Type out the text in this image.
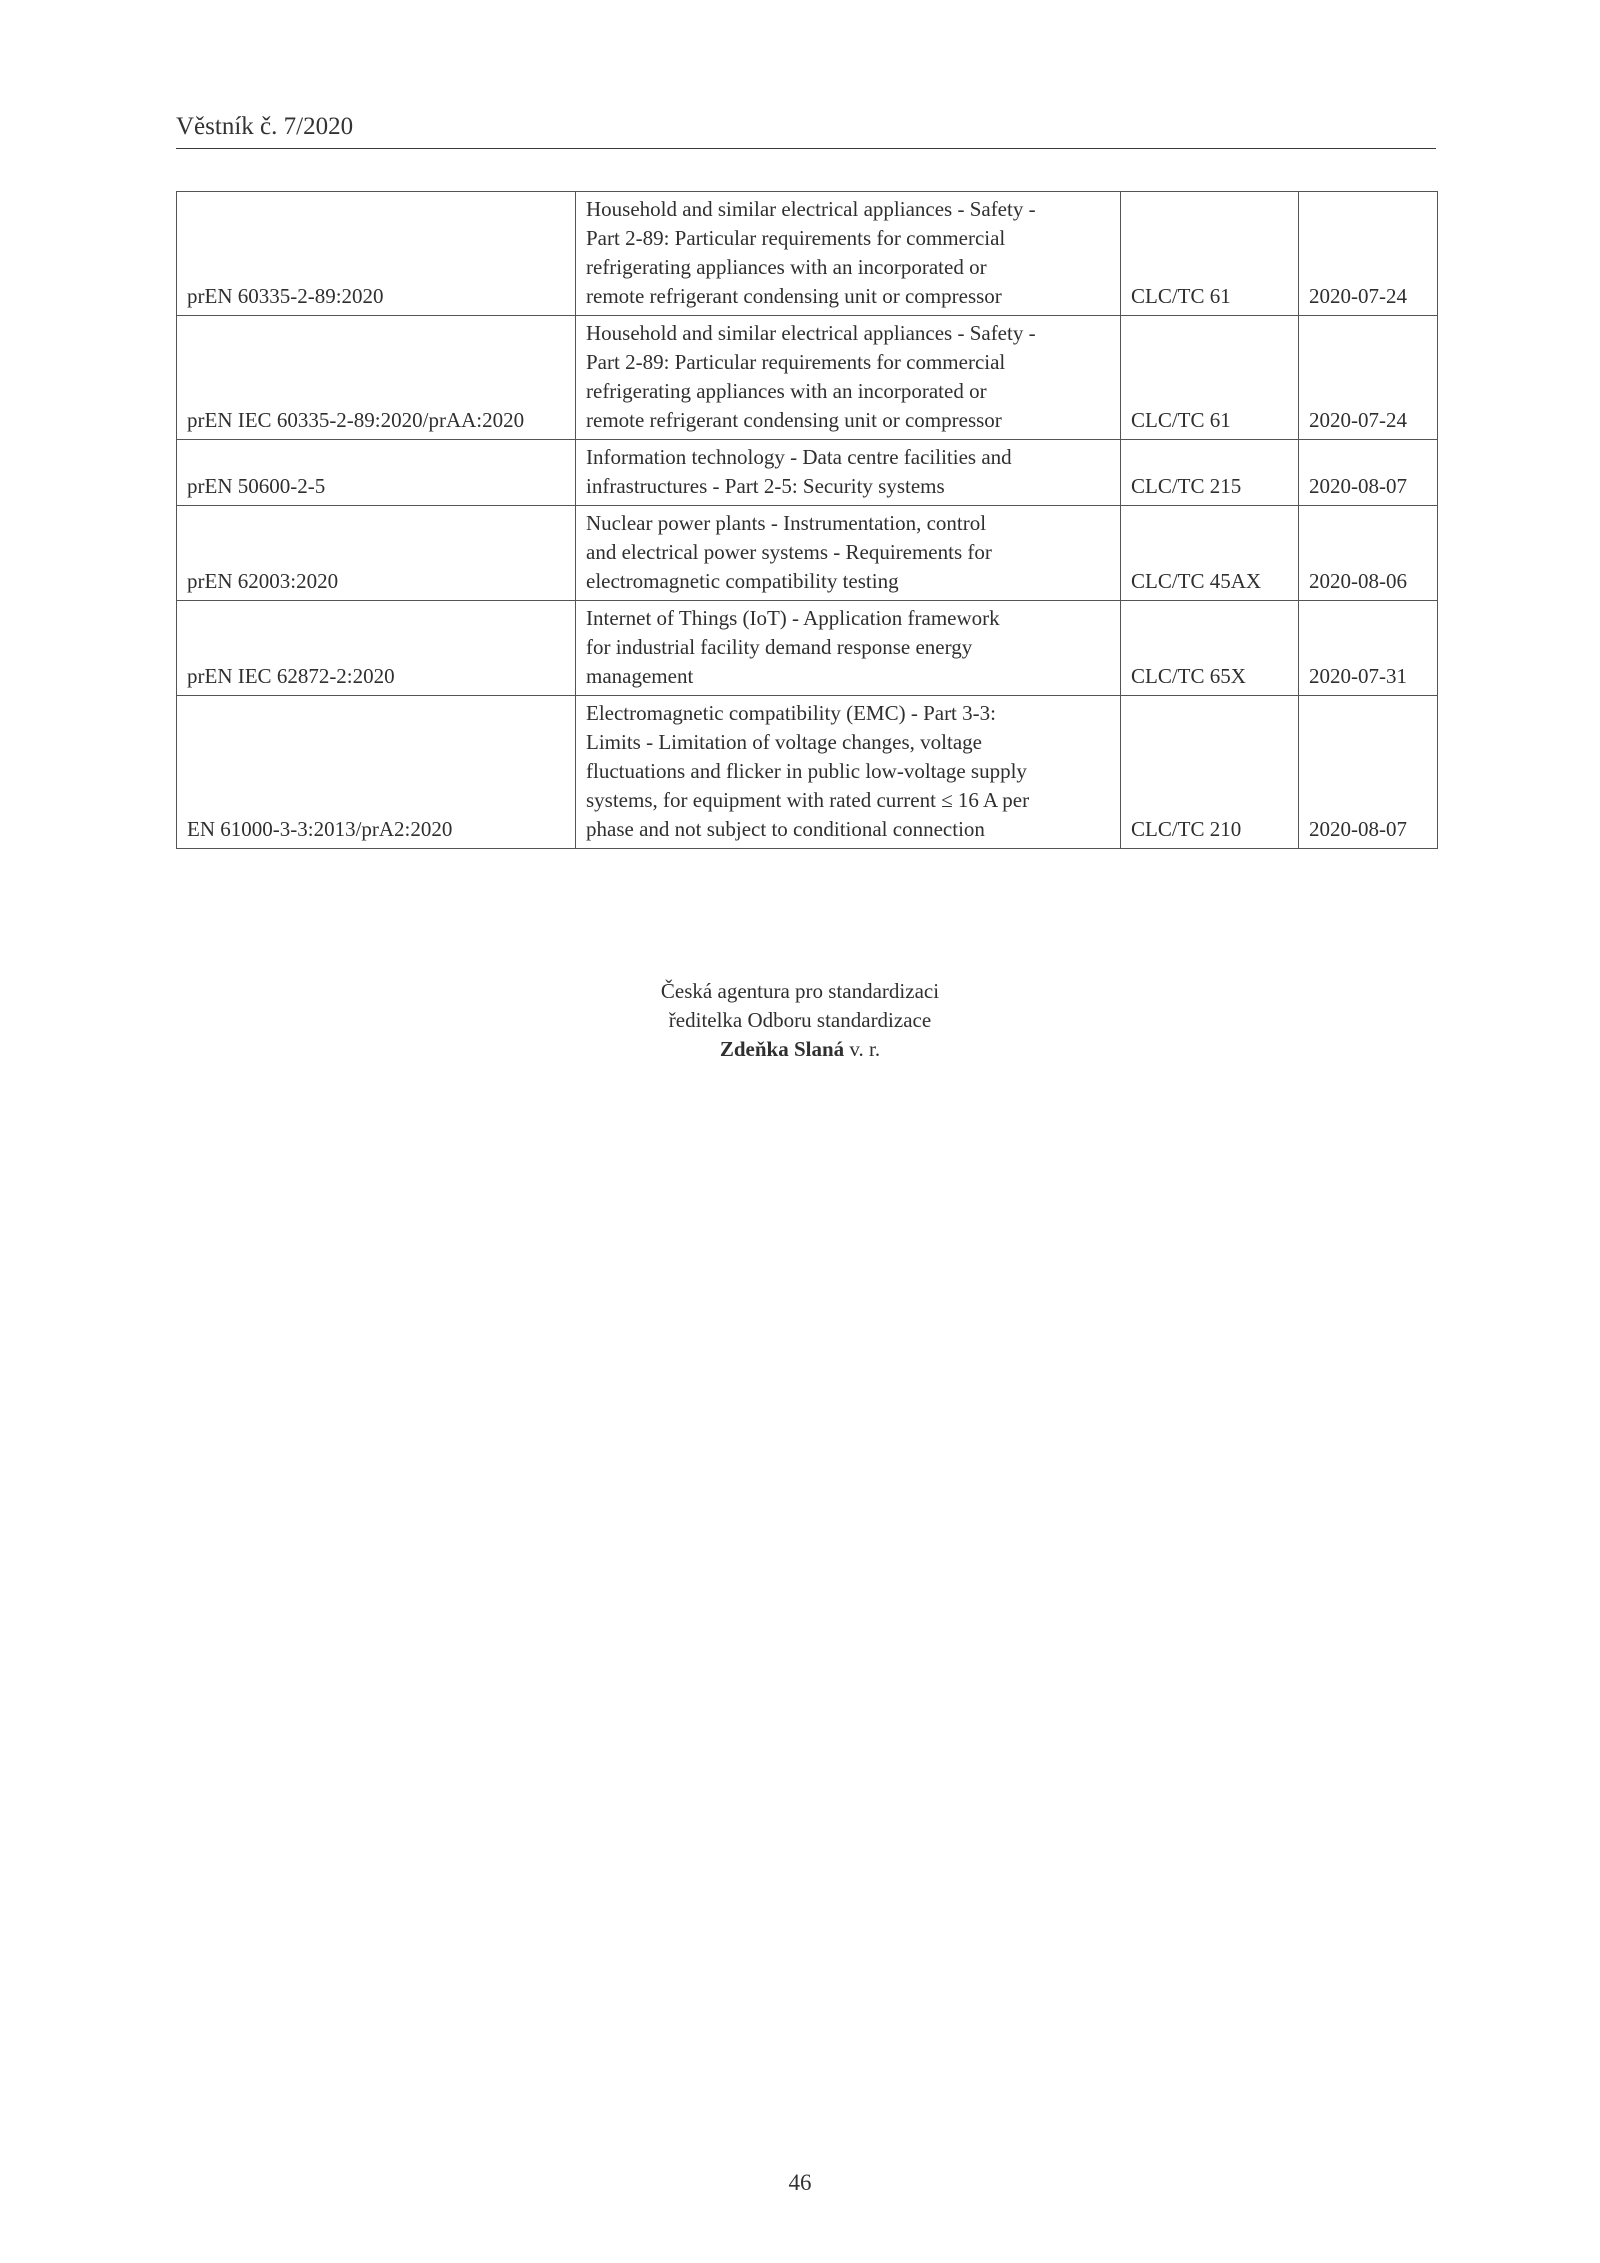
Věstník č. 7/2020
prEN 60335-2-89:2020	Household and similar electrical appliances - Safety -
Part 2-89: Particular requirements for commercial
refrigerating appliances with an incorporated or
remote refrigerant condensing unit or compressor	CLC/TC 61	2020-07-24
prEN IEC 60335-2-89:2020/prAA:2020	Household and similar electrical appliances - Safety -
Part 2-89: Particular requirements for commercial
refrigerating appliances with an incorporated or
remote refrigerant condensing unit or compressor	CLC/TC 61	2020-07-24
prEN 50600-2-5	Information technology - Data centre facilities and
infrastructures - Part 2-5: Security systems	CLC/TC 215	2020-08-07
prEN 62003:2020	Nuclear power plants - Instrumentation, control
and electrical power systems - Requirements for
electromagnetic compatibility testing	CLC/TC 45AX	2020-08-06
prEN IEC 62872-2:2020	Internet of Things (IoT) - Application framework
for industrial facility demand response energy
management	CLC/TC 65X	2020-07-31
EN 61000-3-3:2013/prA2:2020	Electromagnetic compatibility (EMC) - Part 3-3:
Limits - Limitation of voltage changes, voltage
fluctuations and flicker in public low-voltage supply
systems, for equipment with rated current ≤ 16 A per
phase and not subject to conditional connection	CLC/TC 210	2020-08-07
Česká agentura pro standardizaci
ředitelka Odboru standardizace
Zdeňka Slaná v. r.
46
